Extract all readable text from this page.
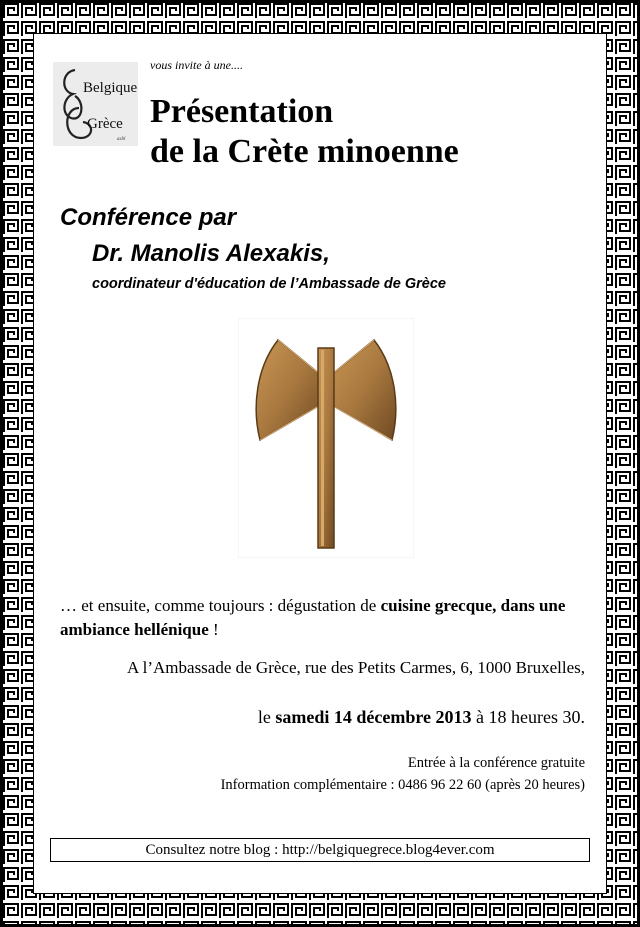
Belgique
Grèce
asbl
vous invite à une....
Présentation
de la Crète minoenne
Conférence par
Dr. Manolis Alexakis,
coordinateur d'éducation de l’Ambassade de Grèce
… et ensuite, comme toujours : dégustation de cuisine grecque, dans une ambiance hellénique !
A l’Ambassade de Grèce, rue des Petits Carmes, 6, 1000 Bruxelles,
le samedi 14 décembre 2013 à 18 heures 30.
Entrée à la conférence gratuite
Information complémentaire : 0486 96 22 60 (après 20 heures)
Consultez notre blog : http://belgiquegrece.blog4ever.com
